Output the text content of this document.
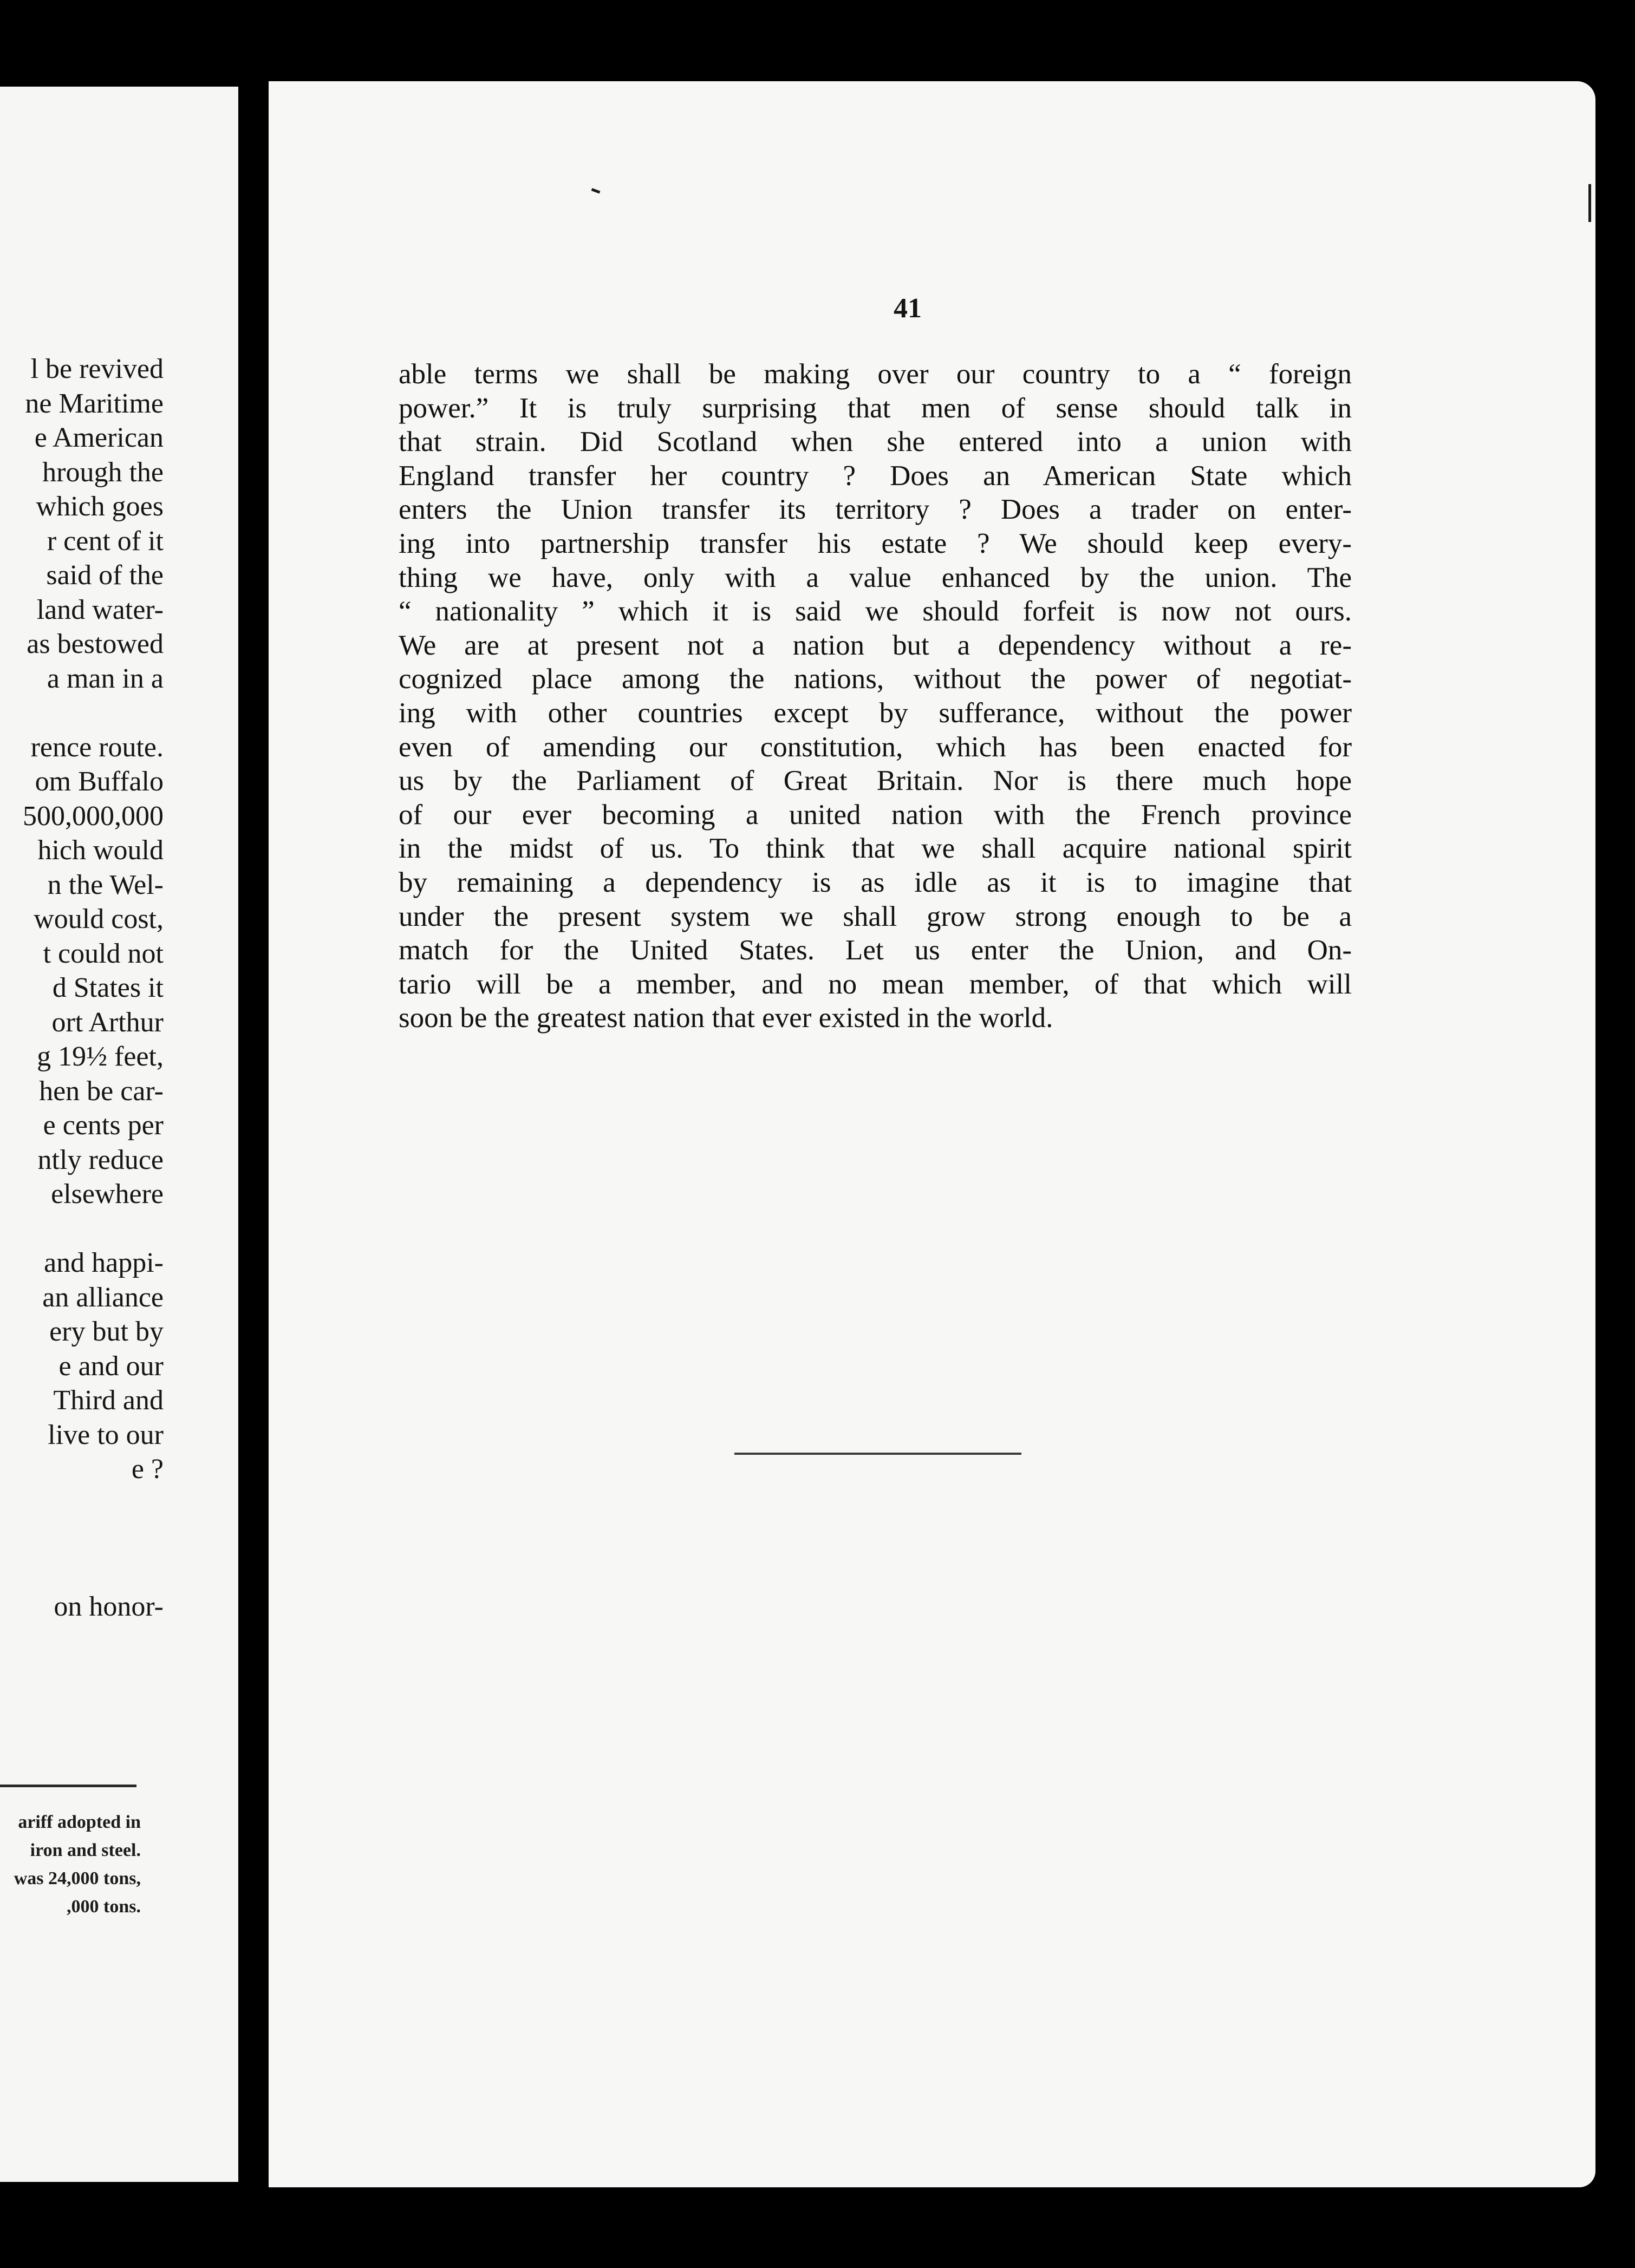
l be revived
ne Maritime
e American
hrough the
which goes
r cent of it
said of the
land water-
as bestowed
a man in a
rence route.
om Buffalo
500,000,000
hich would
n the Wel-
would cost,
t could not
d States it
ort Arthur
g 19½ feet,
hen be car-
e cents per
ntly reduce
elsewhere
and happi-
an alliance
ery but by
e and our
Third and
live to our
e ?
on honor-
ariff adopted in
iron and steel.
was 24,000 tons,
,000 tons.
41
able terms we shall be making over our country to a “ foreign
power.” It is truly surprising that men of sense should talk in
that strain. Did Scotland when she entered into a union with
England transfer her country ? Does an American State which
enters the Union transfer its territory ? Does a trader on enter-
ing into partnership transfer his estate ? We should keep every-
thing we have, only with a value enhanced by the union. The
“ nationality ” which it is said we should forfeit is now not ours.
We are at present not a nation but a dependency without a re-
cognized place among the nations, without the power of negotiat-
ing with other countries except by sufferance, without the power
even of amending our constitution, which has been enacted for
us by the Parliament of Great Britain. Nor is there much hope
of our ever becoming a united nation with the French province
in the midst of us. To think that we shall acquire national spirit
by remaining a dependency is as idle as it is to imagine that
under the present system we shall grow strong enough to be a
match for the United States. Let us enter the Union, and On-
tario will be a member, and no mean member, of that which will
soon be the greatest nation that ever existed in the world.
